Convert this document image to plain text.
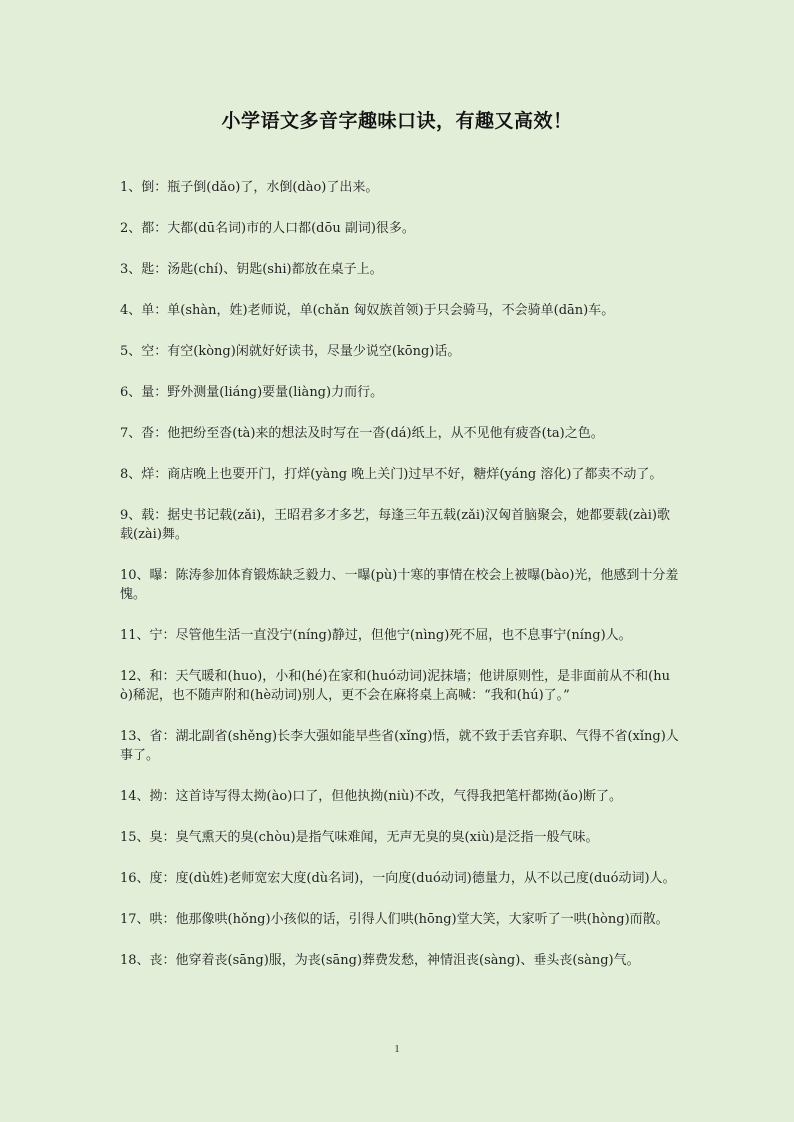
小学语文多音字趣味口诀，有趣又高效！
1、倒：瓶子倒(dǎo)了，水倒(dào)了出来。
2、都：大都(dū名词)市的人口都(dōu 副词)很多。
3、匙：汤匙(chí)、钥匙(shi)都放在桌子上。
4、单：单(shàn，姓)老师说，单(chǎn 匈奴族首领)于只会骑马，不会骑单(dān)车。
5、空：有空(kòng)闲就好好读书，尽量少说空(kōng)话。
6、量：野外测量(liáng)要量(liàng)力而行。
7、沓：他把纷至沓(tà)来的想法及时写在一沓(dá)纸上，从不见他有疲沓(ta)之色。
8、烊：商店晚上也要开门，打烊(yàng 晚上关门)过早不好，糖烊(yáng 溶化)了都卖不动了。
9、载：据史书记载(zǎi)，王昭君多才多艺，每逢三年五载(zǎi)汉匈首脑聚会，她都要载(zài)歌载(zài)舞。
10、曝：陈涛参加体育锻炼缺乏毅力、一曝(pù)十寒的事情在校会上被曝(bào)光，他感到十分羞愧。
11、宁：尽管他生活一直没宁(níng)静过，但他宁(nìng)死不屈，也不息事宁(níng)人。
12、和：天气暖和(huo)，小和(hé)在家和(huó动词)泥抹墙；他讲原则性，是非面前从不和(huò)稀泥，也不随声附和(hè动词)别人，更不会在麻将桌上高喊：“我和(hú)了。”
13、省：湖北副省(shěng)长李大强如能早些省(xǐng)悟，就不致于丢官弃职、气得不省(xǐng)人事了。
14、拗：这首诗写得太拗(ào)口了，但他执拗(niù)不改，气得我把笔杆都拗(ǎo)断了。
15、臭：臭气熏天的臭(chòu)是指气味难闻，无声无臭的臭(xiù)是泛指一般气味。
16、度：度(dù姓)老师宽宏大度(dù名词)，一向度(duó动词)德量力，从不以己度(duó动词)人。
17、哄：他那像哄(hǒng)小孩似的话，引得人们哄(hōng)堂大笑，大家听了一哄(hòng)而散。
18、丧：他穿着丧(sāng)服，为丧(sāng)葬费发愁，神情沮丧(sàng)、垂头丧(sàng)气。
1
